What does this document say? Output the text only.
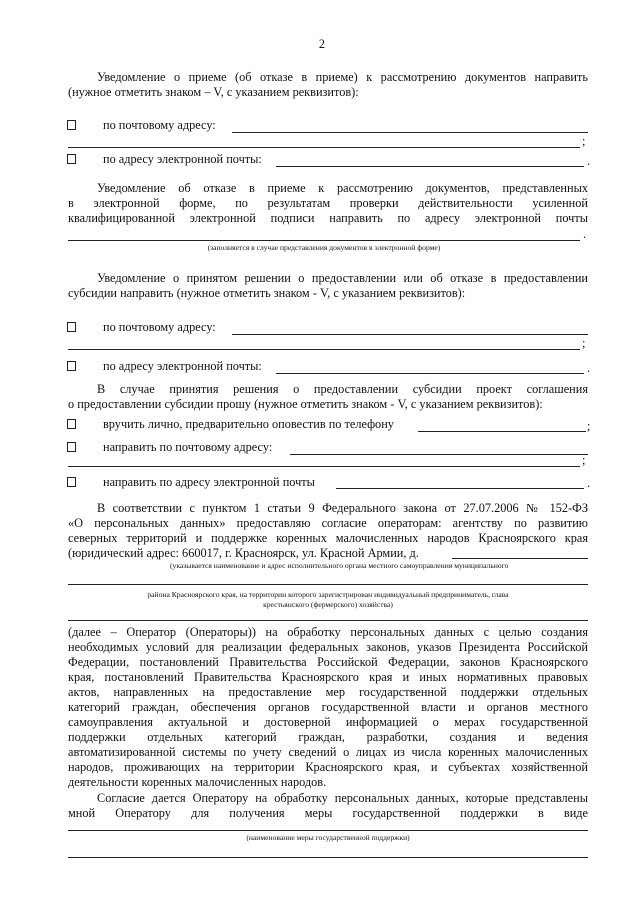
2
Уведомление о приеме (об отказе в приеме) к рассмотрению документов направить
(нужное отметить знаком – V, с указанием реквизитов):
по почтовому адресу:
;
по адресу электронной почты:	.
Уведомление об отказе в приеме к рассмотрению документов, представленных
в электронной форме, по результатам проверки действительности усиленной
квалифицированной электронной подписи направить по адресу электронной почты
.
(заполняется в случае представления документов в электронной форме)
Уведомление о принятом решении о предоставлении или об отказе в предоставлении
субсидии направить (нужное отметить знаком - V, с указанием реквизитов):
по почтовому адресу:
;
по адресу электронной почты:	.
В случае принятия решения о предоставлении субсидии проект соглашения
о предоставлении субсидии прошу (нужное отметить знаком - V, с указанием реквизитов):
вручить лично, предварительно оповестив по телефону	;
направить по почтовому адресу:
;
направить по адресу электронной почты	.
В соответствии с пунктом 1 статьи 9 Федерального закона от 27.07.2006 № 152-ФЗ
«О персональных данных» предоставляю согласие операторам: агентству по развитию
северных территорий и поддержке коренных малочисленных народов Красноярского края
(юридический адрес: 660017, г. Красноярск, ул. Красной Армии, д.
(указывается наименование и адрес исполнительного органа местного самоуправления муниципального
района Красноярского края, на территории которого зарегистрирован индивидуальный предприниматель, глава
крестьянского (фермерского) хозяйства)
(далее – Оператор (Операторы)) на обработку персональных данных с целью создания
необходимых условий для реализации федеральных законов, указов Президента Российской
Федерации, постановлений Правительства Российской Федерации, законов Красноярского
края, постановлений Правительства Красноярского края и иных нормативных правовых
актов, направленных на предоставление мер государственной поддержки отдельных
категорий граждан, обеспечения органов государственной власти и органов местного
самоуправления актуальной и достоверной информацией о мерах государственной
поддержки отдельных категорий граждан, разработки, создания и ведения
автоматизированной системы по учету сведений о лицах из числа коренных малочисленных
народов, проживающих на территории Красноярского края, и субъектах хозяйственной
деятельности коренных малочисленных народов.
Согласие дается Оператору на обработку персональных данных, которые представлены
мной Оператору для получения меры государственной поддержки в виде
(наименование меры государственной поддержки)
